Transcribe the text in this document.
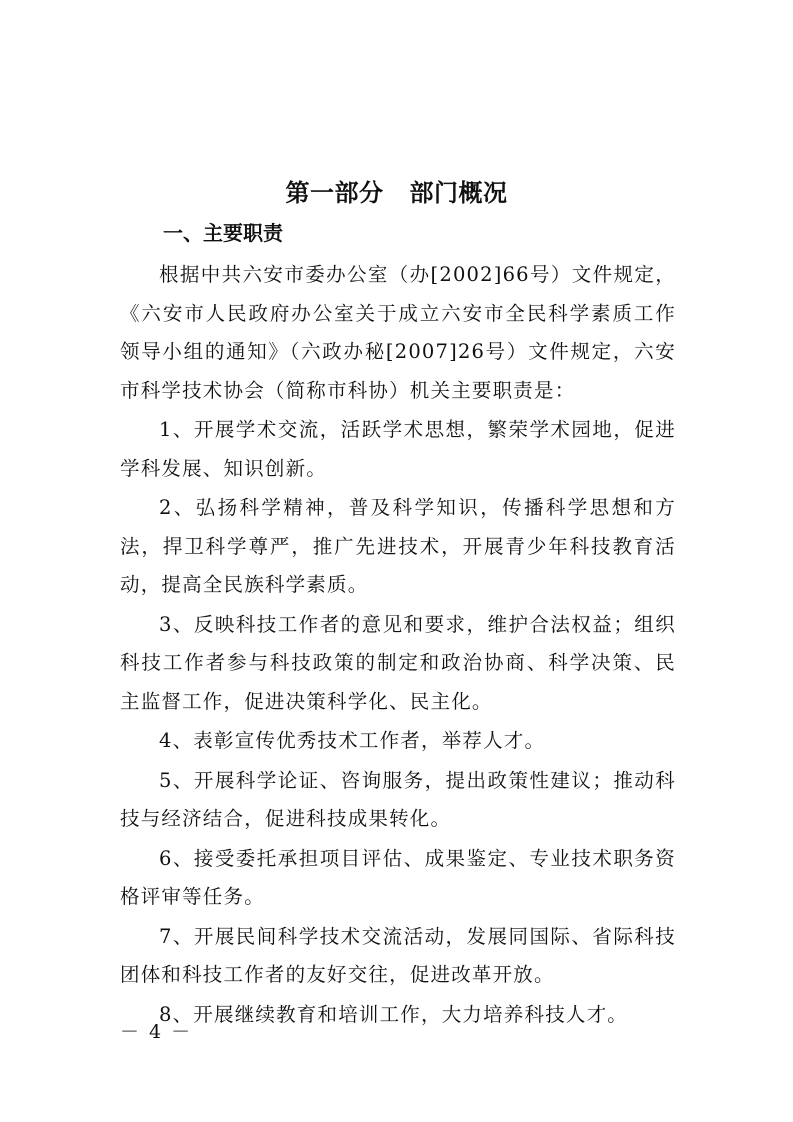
第一部分 部门概况
一、主要职责

根据中共六安市委办公室（办[2002]66号）文件规定，《六安市人民政府办公室关于成立六安市全民科学素质工作领导小组的通知》（六政办秘[2007]26号）文件规定，六安市科学技术协会（简称市科协）机关主要职责是：

1、开展学术交流，活跃学术思想，繁荣学术园地，促进学科发展、知识创新。

2、弘扬科学精神，普及科学知识，传播科学思想和方法，捍卫科学尊严，推广先进技术，开展青少年科技教育活动，提高全民族科学素质。

3、反映科技工作者的意见和要求，维护合法权益；组织科技工作者参与科技政策的制定和政治协商、科学决策、民主监督工作，促进决策科学化、民主化。

4、表彰宣传优秀技术工作者，举荐人才。

5、开展科学论证、咨询服务，提出政策性建议；推动科技与经济结合，促进科技成果转化。

6、接受委托承担项目评估、成果鉴定、专业技术职务资格评审等任务。

7、开展民间科学技术交流活动，发展同国际、省际科技团体和科技工作者的友好交往，促进改革开放。

8、开展继续教育和培训工作，大力培养科技人才。

－ 4 －
